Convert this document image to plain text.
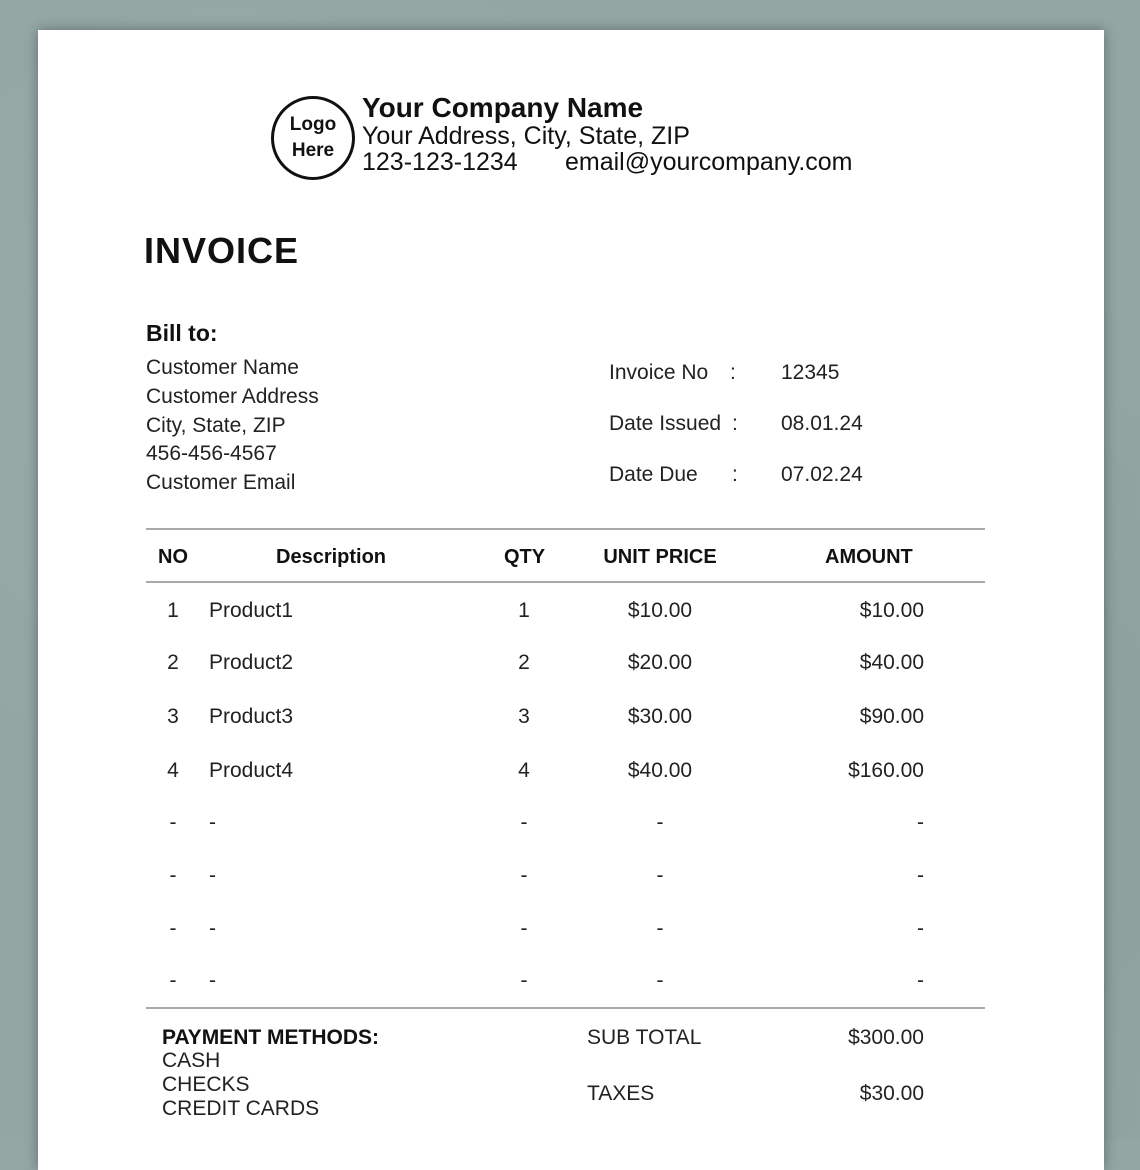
Logo
Here
Your Company Name
Your Address, City, State, ZIP
123-123-1234 email@yourcompany.com
INVOICE
Bill to:
Customer Name
Customer Address
City, State, ZIP
456-456-4567
Customer Email
Invoice No : 12345
Date Issued : 08.01.24
Date Due : 07.02.24
NO	Description	QTY	UNIT PRICE	AMOUNT
1	Product1	1	$10.00	$10.00
2	Product2	2	$20.00	$40.00
3	Product3	3	$30.00	$90.00
4	Product4	4	$40.00	$160.00
-	-	-	-	-
-	-	-	-	-
-	-	-	-	-
-	-	-	-	-
PAYMENT METHODS:
CASH
CHECKS
CREDIT CARDS
SUB TOTAL	$300.00
TAXES	$30.00
